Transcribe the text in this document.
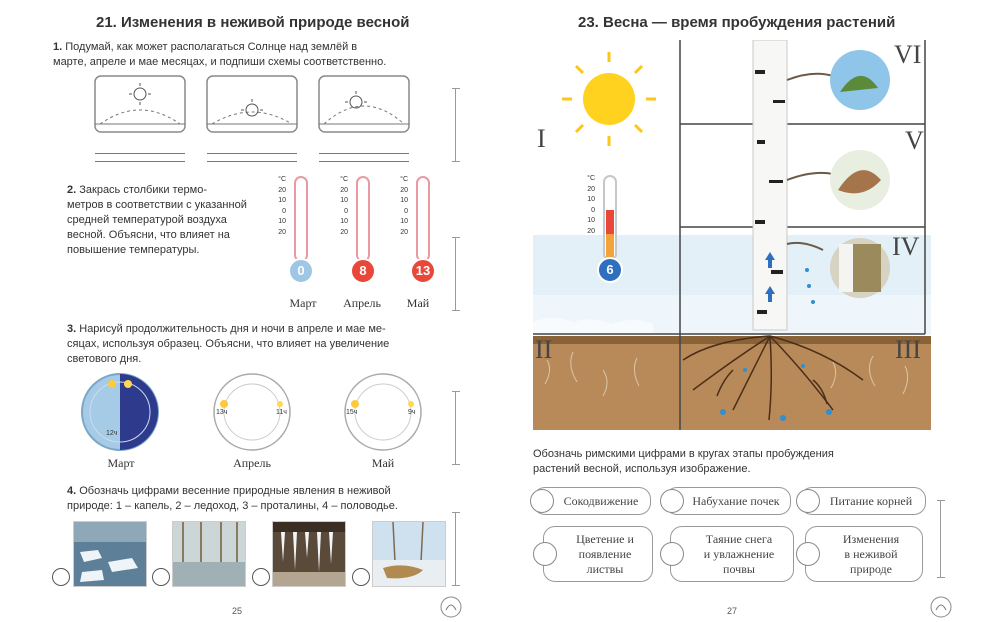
21. Изменения в неживой природе весной
1. Подумай, как может располагаться Солнце над землёй в
марте, апреле и мае месяцах, и подпиши схемы соответственно.
2. Закрась столбики термо-
метров в соответствии с указанной
средней температурой воздуха
весной. Объясни, что влияет на
повышение температуры.
°C
20
10
0
10
20
0
°C
20
10
0
10
20
8
°C
20
10
0
10
20
13
Март	Апрель	Май
3. Нарисуй продолжительность дня и ночи в апреле и мае ме-
сяцах, используя образец. Объясни, что влияет на увеличение
светового дня.
12ч
Март
13ч	11ч
Апрель
15ч	9ч
Май
4. Обозначь цифрами весенние природные явления в неживой
природе: 1 – капель, 2 – ледоход, 3 – проталины, 4 – половодье.
25
23. Весна — время пробуждения растений
°C
20
10
0
10
20
6
I
II	III
IV
V
VI
Обозначь римскими цифрами в кругах этапы пробуждения
растений весной, используя изображение.
Сокодвижение	Набухание почек	Питание корней
Цветение и
появление
листвы
Таяние снега
и увлажнение
почвы
Изменения
в неживой
природе
27
